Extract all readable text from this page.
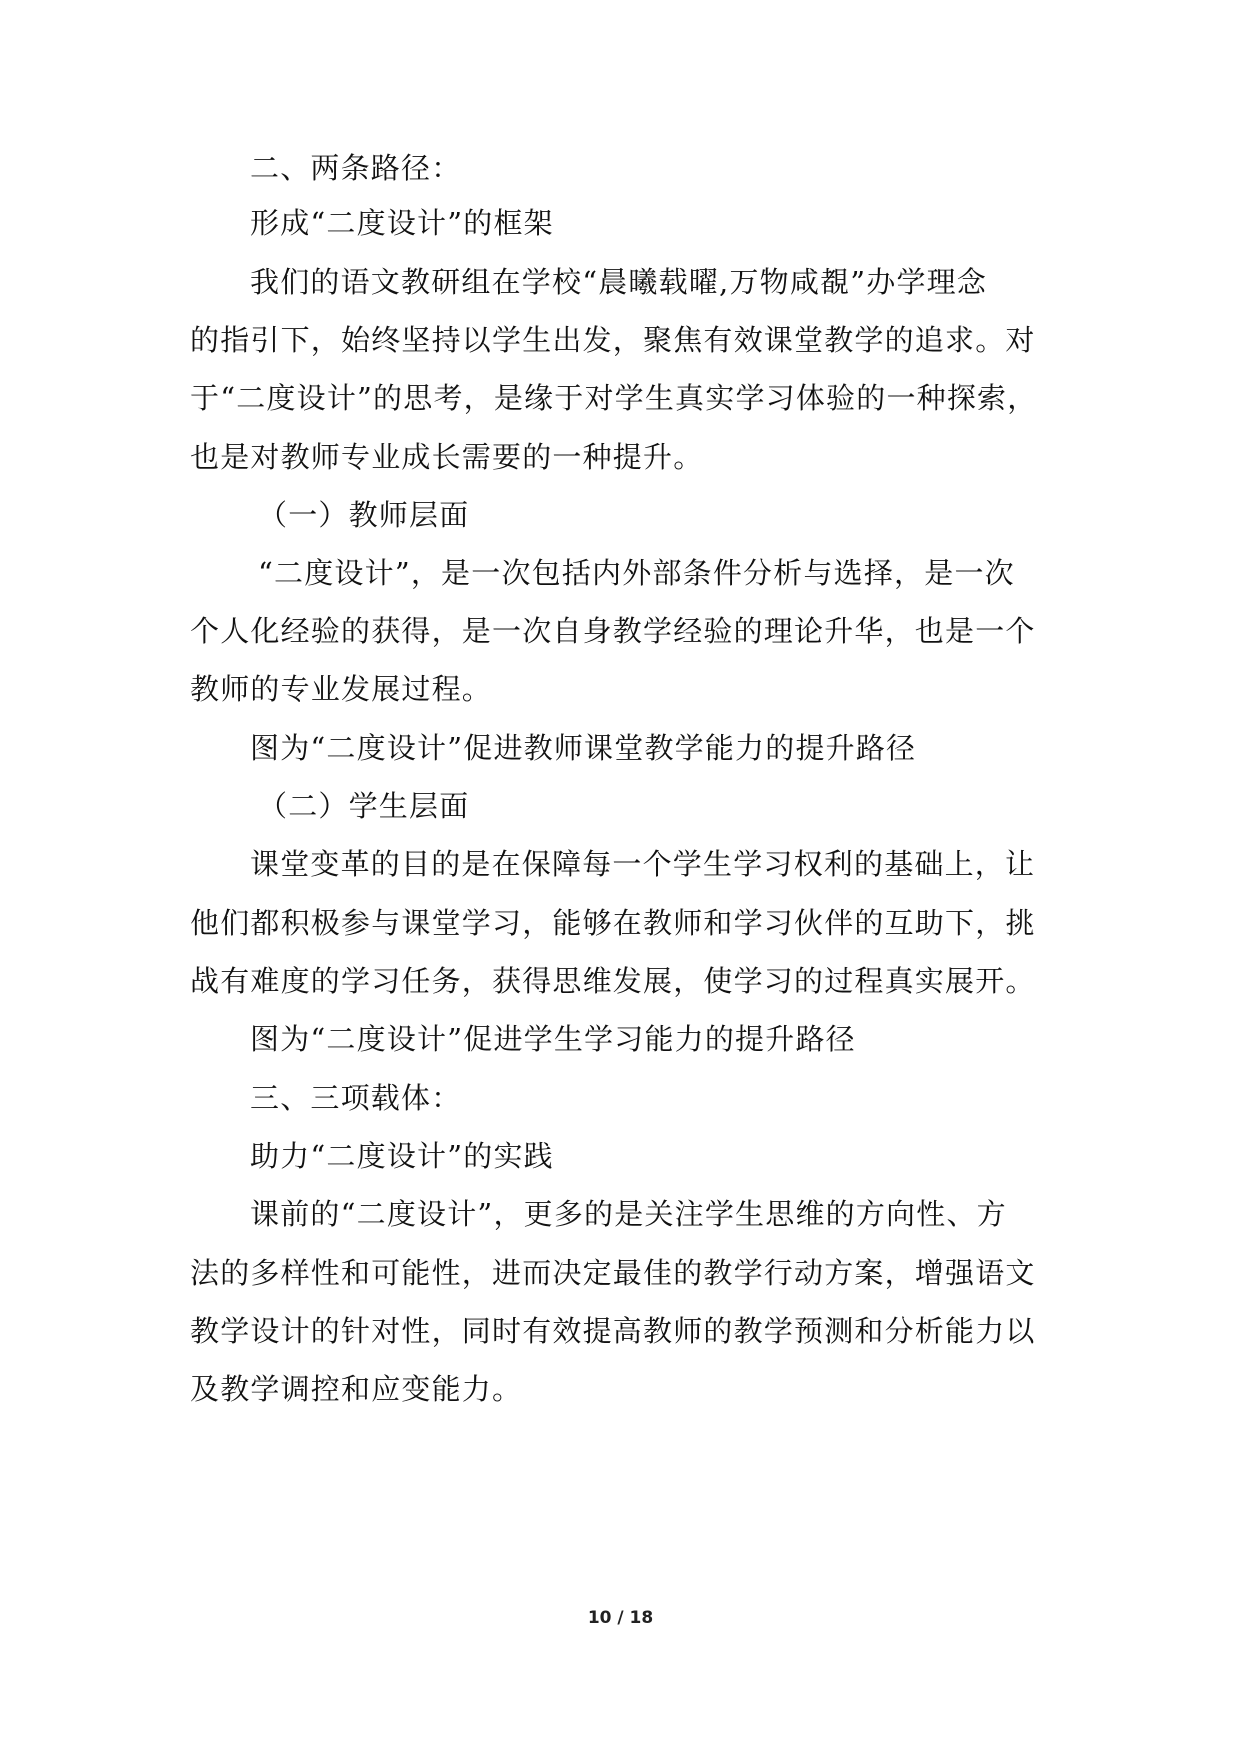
二、两条路径：
形成“二度设计”的框架
我们的语文教研组在学校“晨曦载曜,万物咸覩”办学理念
的指引下，始终坚持以学生出发，聚焦有效课堂教学的追求。对
于“二度设计”的思考，是缘于对学生真实学习体验的一种探索，
也是对教师专业成长需要的一种提升。
（一）教师层面
“二度设计”，是一次包括内外部条件分析与选择，是一次
个人化经验的获得，是一次自身教学经验的理论升华，也是一个
教师的专业发展过程。
图为“二度设计”促进教师课堂教学能力的提升路径
（二）学生层面
课堂变革的目的是在保障每一个学生学习权利的基础上，让
他们都积极参与课堂学习，能够在教师和学习伙伴的互助下，挑
战有难度的学习任务，获得思维发展，使学习的过程真实展开。
图为“二度设计”促进学生学习能力的提升路径
三、三项载体：
助力“二度设计”的实践
课前的“二度设计”，更多的是关注学生思维的方向性、方
法的多样性和可能性，进而决定最佳的教学行动方案，增强语文
教学设计的针对性，同时有效提高教师的教学预测和分析能力以
及教学调控和应变能力。
10 / 18
